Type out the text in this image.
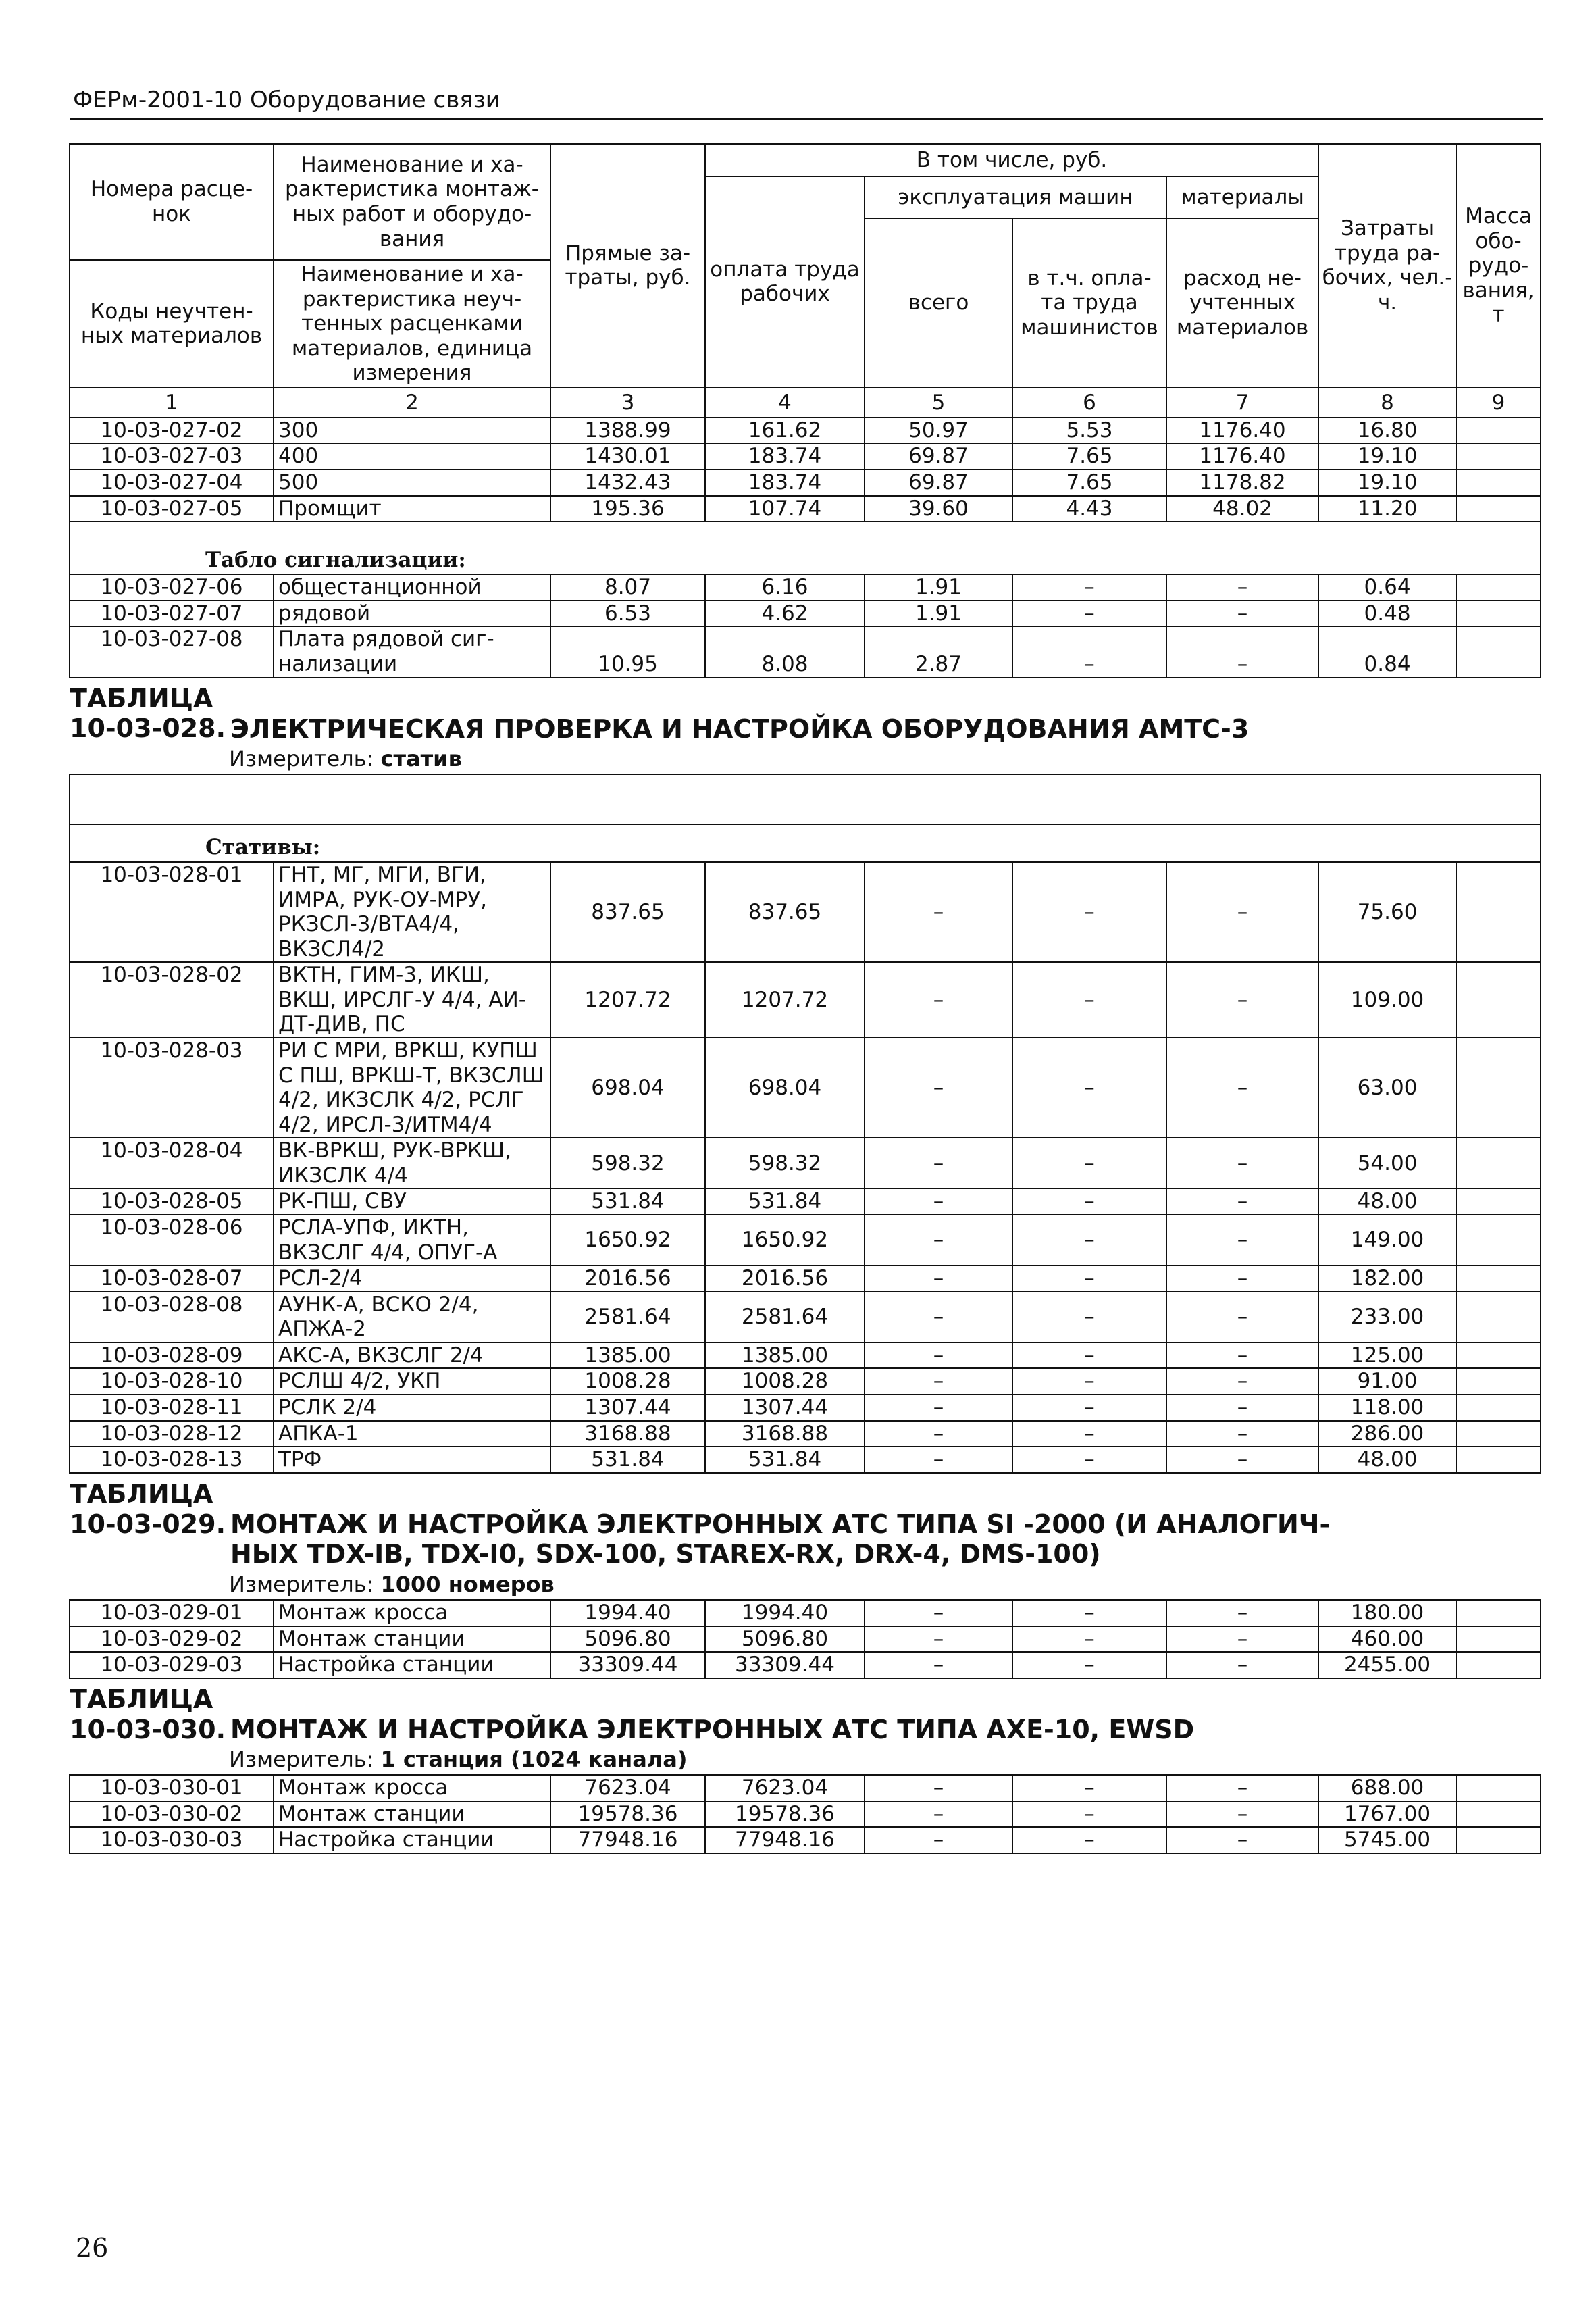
ФЕРм-2001-10 Оборудование связи
Номера расце-нок	Наименование и ха-рактеристика монтаж-ных работ и оборудо-вания	Прямые за-траты, руб.	В том числе, руб.				Затраты труда ра-бочих, чел.-ч.	Масса обо-рудо-вания, т
			оплата труда рабочих	эксплуатация машин		материалы		
				всего	в т.ч. опла-та труда машинистов	расход не-учтенных материалов		
Коды неучтен-ных материалов	Наименование и ха-рактеристика неуч-тенных расценками материалов, единица измерения							

1	2	3	4	5	6	7	8	9
10-03-027-02	300	1388.99	161.62	50.97	5.53	1176.40	16.80	
10-03-027-03	400	1430.01	183.74	69.87	7.65	1176.40	19.10	
10-03-027-04	500	1432.43	183.74	69.87	7.65	1178.82	19.10	
10-03-027-05	Промщит	195.36	107.74	39.60	4.43	48.02	11.20	
Табло сигнализации:								
10-03-027-06	общестанционной	8.07	6.16	1.91	–	–	0.64	
10-03-027-07	рядовой	6.53	4.62	1.91	–	–	0.48	
10-03-027-08	Плата рядовой сиг-нализации	10.95	8.08	2.87	–	–	0.84	
ТАБЛИЦА 10-03-028. ЭЛЕКТРИЧЕСКАЯ ПРОВЕРКА И НАСТРОЙКА ОБОРУДОВАНИЯ АМТС-3								
Измеритель: статив								

Стативы:								
10-03-028-01	ГНТ, МГ, МГИ, ВГИ, ИМРА, РУК-ОУ-МРУ, РКЗСЛ-3/ВТА4/4, ВКЗСЛ4/2	837.65	837.65	–	–	–	75.60	
10-03-028-02	ВКТН, ГИМ-3, ИКШ, ВКШ, ИРСЛГ-У 4/4, АИ-ДТ-ДИВ, ПС	1207.72	1207.72	–	–	–	109.00	
10-03-028-03	РИ С МРИ, ВРКШ, КУПШ С ПШ, ВРКШ-Т, ВКЗСЛШ 4/2, ИКЗСЛК 4/2, РСЛГ 4/2, ИРСЛ-3/ИТМ4/4	698.04	698.04	–	–	–	63.00	
10-03-028-04	ВК-ВРКШ, РУК-ВРКШ, ИКЗСЛК 4/4	598.32	598.32	–	–	–	54.00	
10-03-028-05	РК-ПШ, СВУ	531.84	531.84	–	–	–	48.00	
10-03-028-06	РСЛА-УПФ, ИКТН, ВКЗСЛГ 4/4, ОПУГ-А	1650.92	1650.92	–	–	–	149.00	
10-03-028-07	РСЛ-2/4	2016.56	2016.56	–	–	–	182.00	
10-03-028-08	АУНК-А, ВСКО 2/4, АПЖА-2	2581.64	2581.64	–	–	–	233.00	
10-03-028-09	АКС-А, ВКЗСЛГ 2/4	1385.00	1385.00	–	–	–	125.00	
10-03-028-10	РСЛШ 4/2, УКП	1008.28	1008.28	–	–	–	91.00	
10-03-028-11	РСЛК 2/4	1307.44	1307.44	–	–	–	118.00	
10-03-028-12	АПКА-1	3168.88	3168.88	–	–	–	286.00	
10-03-028-13	ТРФ	531.84	531.84	–	–	–	48.00	
ТАБЛИЦА 10-03-029. МОНТАЖ И НАСТРОЙКА ЭЛЕКТРОННЫХ АТС ТИПА SI -2000 (И АНАЛОГИЧ-
НЫХ TDX-IB, TDX-I0, SDX-100, STAREX-RX, DRX-4, DMS-100)								

Измеритель: 1000 номеров								
10-03-029-01	Монтаж кросса	1994.40	1994.40	–	–	–	180.00	
10-03-029-02	Монтаж станции	5096.80	5096.80	–	–	–	460.00	
10-03-029-03	Настройка станции	33309.44	33309.44	–	–	–	2455.00	
ТАБЛИЦА 10-03-030. МОНТАЖ И НАСТРОЙКА ЭЛЕКТРОННЫХ АТС ТИПА AXE-10, EWSD								
Измеритель: 1 станция (1024 канала)								
10-03-030-01	Монтаж кросса	7623.04	7623.04	–	–	–	688.00	
10-03-030-02	Монтаж станции	19578.36	19578.36	–	–	–	1767.00	
10-03-030-03	Настройка станции	77948.16	77948.16	–	–	–	5745.00	
26
